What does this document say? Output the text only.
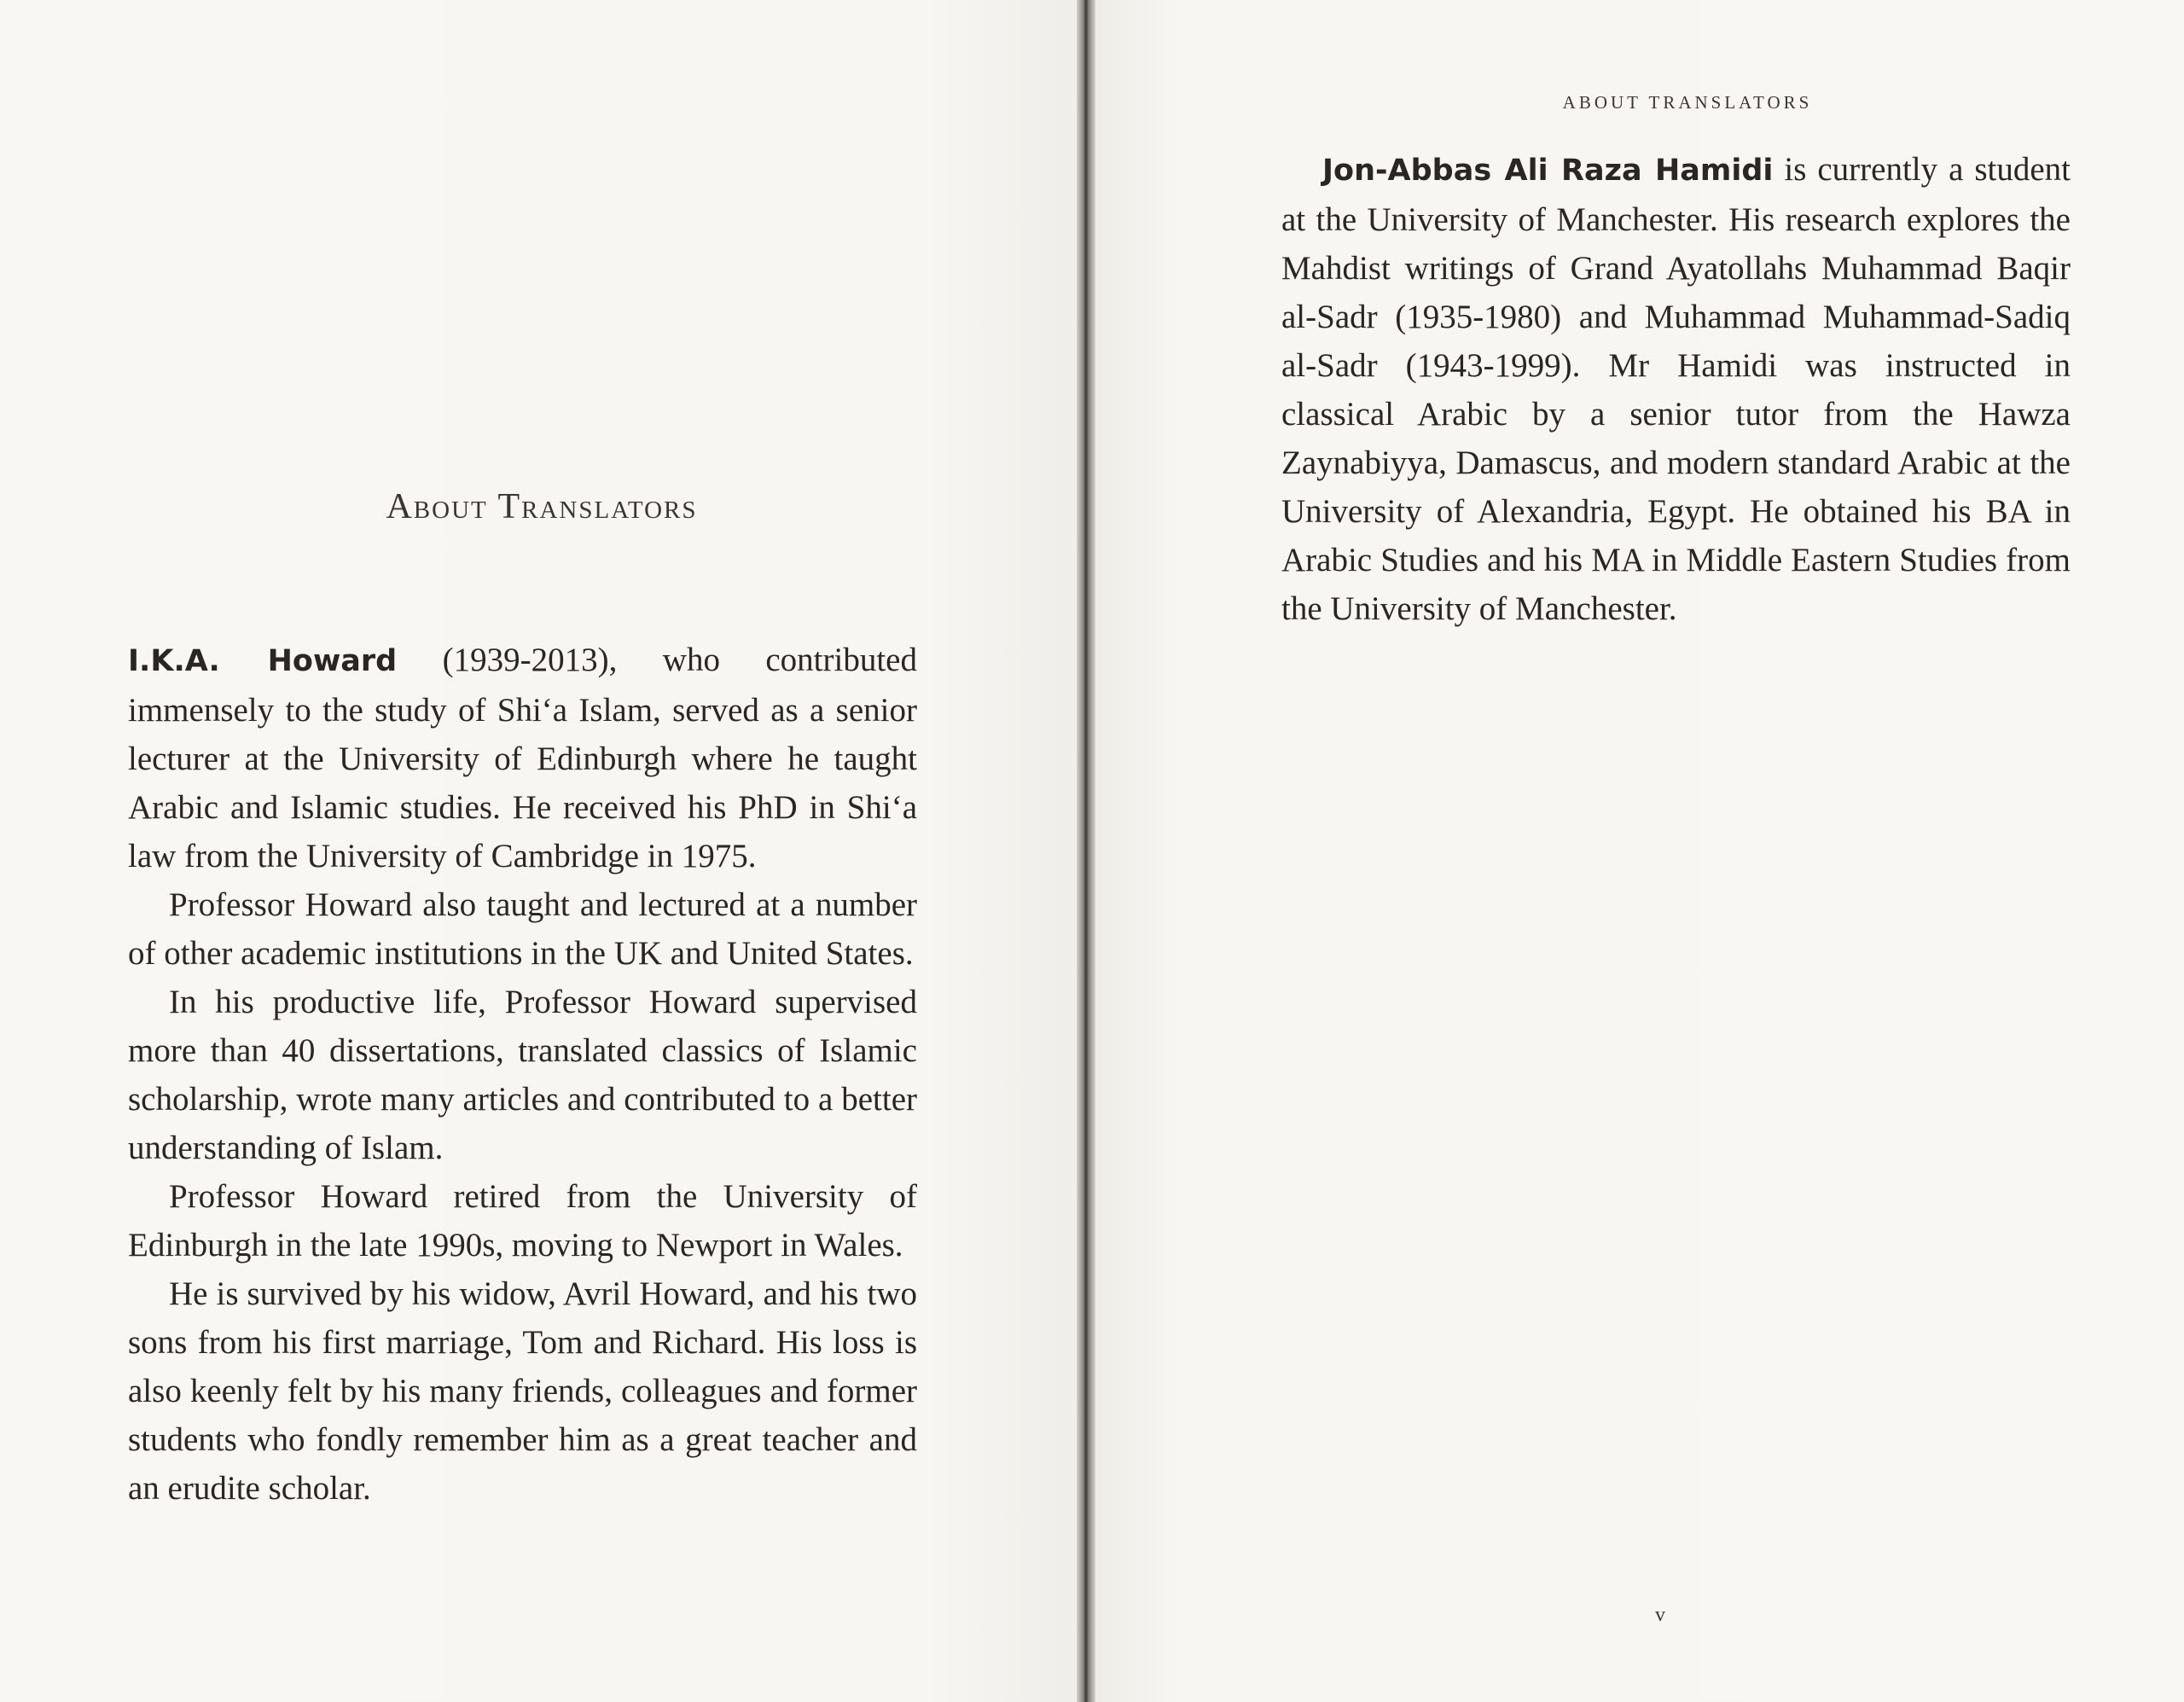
About Translators

I.K.A. Howard (1939-2013), who contributed immensely to the study of Shi‘a Islam, served as a senior lecturer at the University of Edinburgh where he taught Arabic and Islamic studies. He received his PhD in Shi‘a law from the University of Cambridge in 1975.

Professor Howard also taught and lectured at a number of other academic institutions in the UK and United States.

In his productive life, Professor Howard supervised more than 40 dissertations, translated classics of Islamic scholarship, wrote many articles and contributed to a better understanding of Islam.

Professor Howard retired from the University of Edinburgh in the late 1990s, moving to Newport in Wales.

He is survived by his widow, Avril Howard, and his two sons from his first marriage, Tom and Richard. His loss is also keenly felt by his many friends, colleagues and former students who fondly remember him as a great teacher and an erudite scholar.

ABOUT TRANSLATORS

Jon-Abbas Ali Raza Hamidi is currently a student at the University of Manchester. His research explores the Mahdist writings of Grand Ayatollahs Muhammad Baqir al-Sadr (1935-1980) and Muhammad Muhammad-Sadiq al-Sadr (1943-1999). Mr Hamidi was instructed in classical Arabic by a senior tutor from the Hawza Zaynabiyya, Damascus, and modern standard Arabic at the University of Alexandria, Egypt. He obtained his BA in Arabic Studies and his MA in Middle Eastern Studies from the University of Manchester.

v
